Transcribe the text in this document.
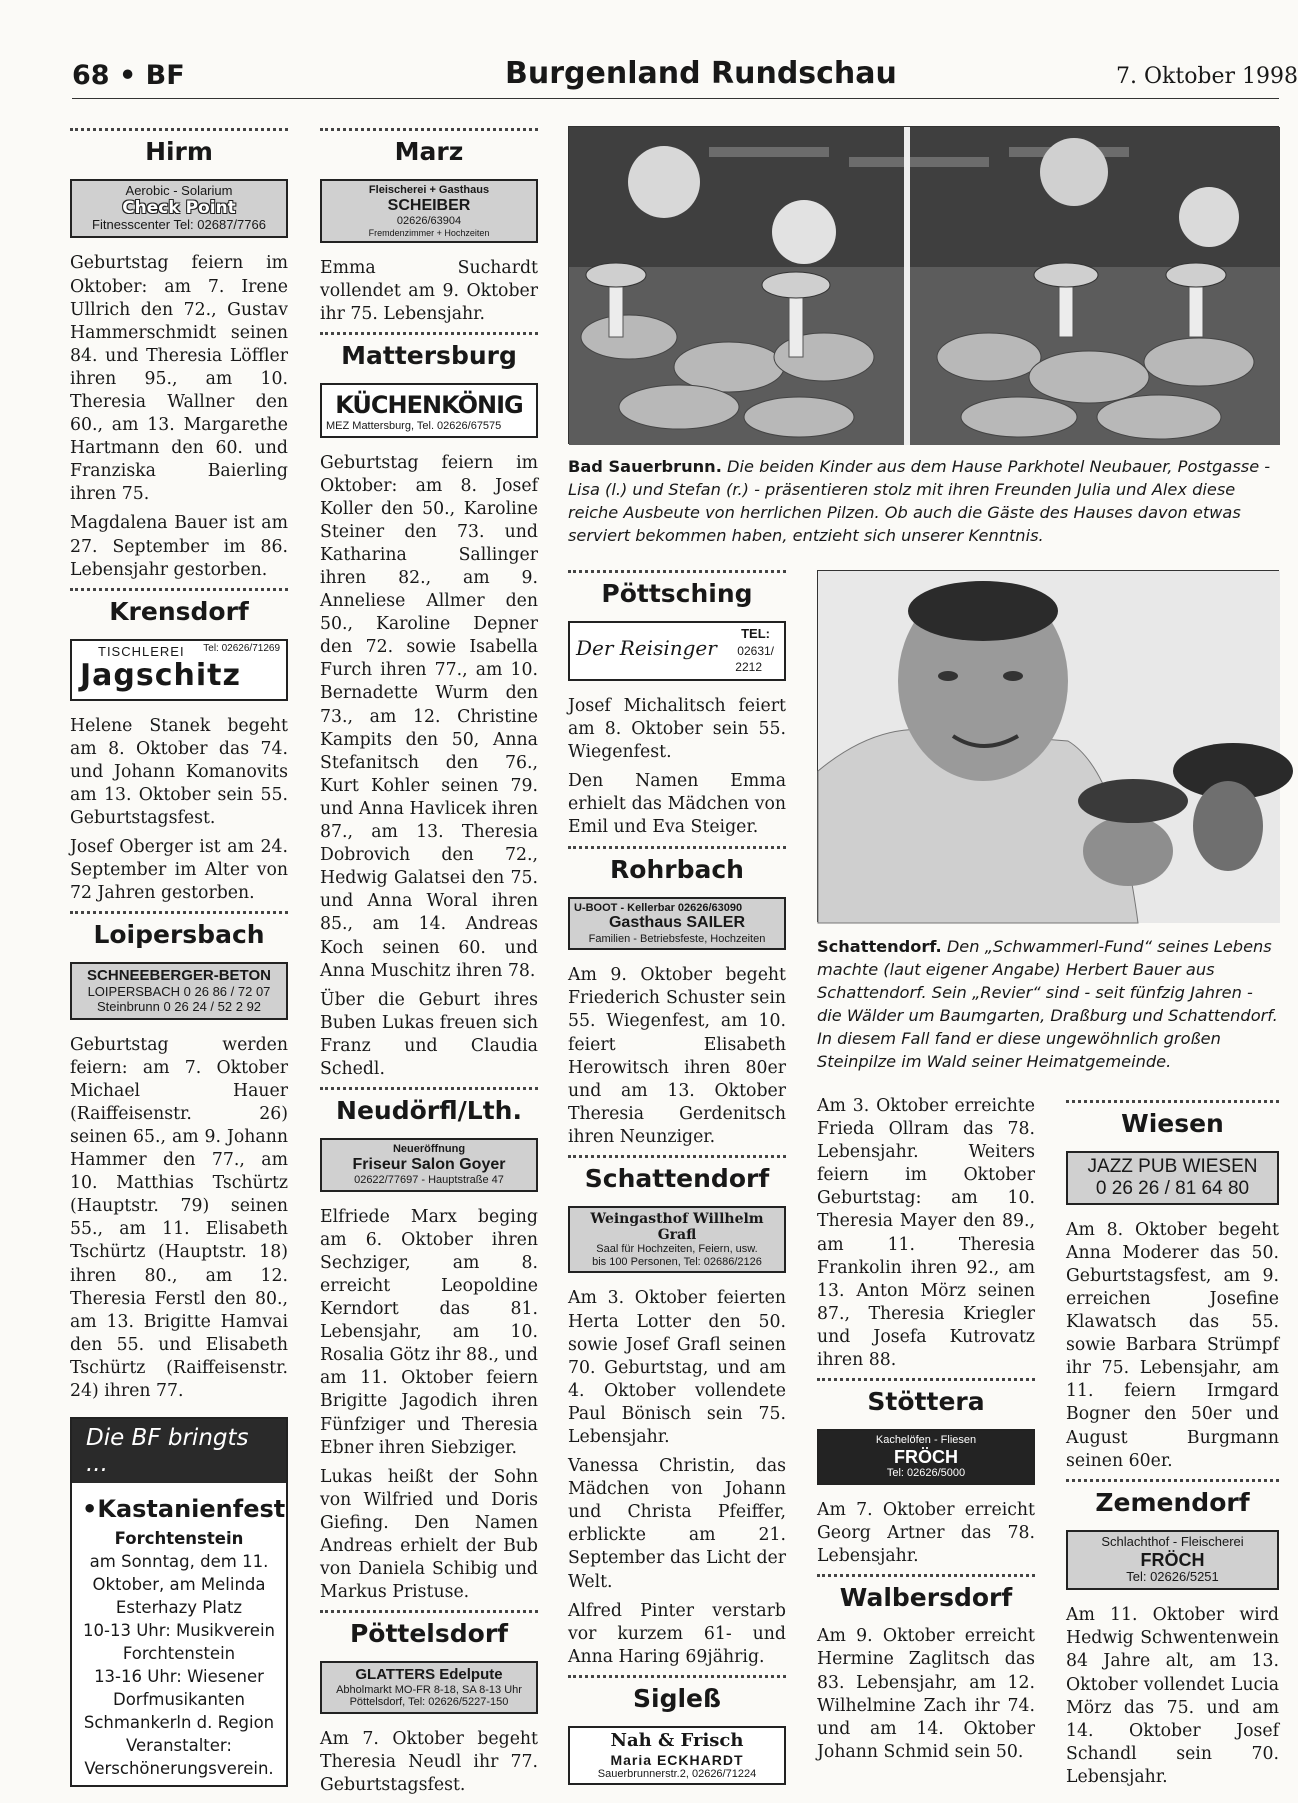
68 • BF	Burgenland Rundschau	7. Oktober 1998
Hirm
Aerobic - Solarium
Check Point
Fitnesscenter Tel: 02687/7766
Geburtstag feiern im Oktober: am 7. Irene Ullrich den 72., Gustav Hammerschmidt seinen 84. und Theresia Löffler ihren 95., am 10. Theresia Wallner den 60., am 13. Margarethe Hartmann den 60. und Franziska Baierling ihren 75.
Magdalena Bauer ist am 27. September im 86. Lebensjahr gestorben.
Krensdorf
TISCHLEREI Tel: 02626/71269
Jagschitz
Helene Stanek begeht am 8. Oktober das 74. und Johann Komanovits am 13. Oktober sein 55. Geburtstagsfest.
Josef Oberger ist am 24. September im Alter von 72 Jahren gestorben.
Loipersbach
SCHNEEBERGER-BETON
LOIPERSBACH 0 26 86 / 72 07
Steinbrunn 0 26 24 / 52 2 92
Geburtstag werden feiern: am 7. Oktober Michael Hauer (Raiffeisenstr. 26) seinen 65., am 9. Johann Hammer den 77., am 10. Matthias Tschürtz (Hauptstr. 79) seinen 55., am 11. Elisabeth Tschürtz (Hauptstr. 18) ihren 80., am 12. Theresia Ferstl den 80., am 13. Brigitte Hamvai den 55. und Elisabeth Tschürtz (Raiffeisenstr. 24) ihren 77.
Die BF bringts ...
•Kastanienfest
Forchtenstein
am Sonntag, dem 11.
Oktober, am Melinda
Esterhazy Platz
10-13 Uhr: Musikverein
Forchtenstein
13-16 Uhr: Wiesener
Dorfmusikanten
Schmankerln d. Region
Veranstalter:
Verschönerungsverein.
Marz
Fleischerei + Gasthaus
SCHEIBER
02626/63904
Fremdenzimmer + Hochzeiten
Emma Suchardt vollendet am 9. Oktober ihr 75. Lebensjahr.
Mattersburg
KÜCHENKÖNIG
MEZ Mattersburg, Tel. 02626/67575
Geburtstag feiern im Oktober: am 8. Josef Koller den 50., Karoline Steiner den 73. und Katharina Sallinger ihren 82., am 9. Anneliese Allmer den 50., Karoline Depner den 72. sowie Isabella Furch ihren 77., am 10. Bernadette Wurm den 73., am 12. Christine Kampits den 50, Anna Stefanitsch den 76., Kurt Kohler seinen 79. und Anna Havlicek ihren 87., am 13. Theresia Dobrovich den 72., Hedwig Galatsei den 75. und Anna Woral ihren 85., am 14. Andreas Koch seinen 60. und Anna Muschitz ihren 78.
Über die Geburt ihres Buben Lukas freuen sich Franz und Claudia Schedl.
Neudörfl/Lth.
Neueröffnung
Friseur Salon Goyer
02622/77697 - Hauptstraße 47
Elfriede Marx beging am 6. Oktober ihren Sechziger, am 8. erreicht Leopoldine Kerndort das 81. Lebensjahr, am 10. Rosalia Götz ihr 88., und am 11. Oktober feiern Brigitte Jagodich ihren Fünfziger und Theresia Ebner ihren Siebziger.
Lukas heißt der Sohn von Wilfried und Doris Giefing. Den Namen Andreas erhielt der Bub von Daniela Schibig und Markus Pristuse.
Pöttelsdorf
GLATTERS Edelpute
Abholmarkt MO-FR 8-18, SA 8-13 Uhr
Pöttelsdorf, Tel: 02626/5227-150
Am 7. Oktober begeht Theresia Neudl ihr 77. Geburtstagsfest.
Bad Sauerbrunn. Die beiden Kinder aus dem Hause Parkhotel Neubauer, Postgasse - Lisa (l.) und Stefan (r.) - präsentieren stolz mit ihren Freunden Julia und Alex diese reiche Ausbeute von herrlichen Pilzen. Ob auch die Gäste des Hauses davon etwas serviert bekommen haben, entzieht sich unserer Kenntnis.
Pöttsching
Der Reisinger
TEL:
02631/
2212
Josef Michalitsch feiert am 8. Oktober sein 55. Wiegenfest.
Den Namen Emma erhielt das Mädchen von Emil und Eva Steiger.
Rohrbach
U-BOOT - Kellerbar 02626/63090
Gasthaus SAILER
Familien - Betriebsfeste, Hochzeiten
Am 9. Oktober begeht Friederich Schuster sein 55. Wiegenfest, am 10. feiert Elisabeth Herowitsch ihren 80er und am 13. Oktober Theresia Gerdenitsch ihren Neunziger.
Schattendorf
Weingasthof Willhelm Grafl
Saal für Hochzeiten, Feiern, usw.
bis 100 Personen, Tel: 02686/2126
Am 3. Oktober feierten Herta Lotter den 50. sowie Josef Grafl seinen 70. Geburtstag, und am 4. Oktober vollendete Paul Bönisch sein 75. Lebensjahr.
Vanessa Christin, das Mädchen von Johann und Christa Pfeiffer, erblickte am 21. September das Licht der Welt.
Alfred Pinter verstarb vor kurzem 61- und Anna Haring 69jährig.
Sigleß
Nah & Frisch
Maria ECKHARDT
Sauerbrunnerstr.2, 02626/71224
Schattendorf. Den „Schwammerl-Fund“ seines Lebens machte (laut eigener Angabe) Herbert Bauer aus Schattendorf. Sein „Revier“ sind - seit fünfzig Jahren - die Wälder um Baumgarten, Draßburg und Schattendorf. In diesem Fall fand er diese ungewöhnlich großen Steinpilze im Wald seiner Heimatgemeinde.
Am 3. Oktober erreichte Frieda Ollram das 78. Lebensjahr. Weiters feiern im Oktober Geburtstag: am 10. Theresia Mayer den 89., am 11. Theresia Frankolin ihren 92., am 13. Anton Mörz seinen 87., Theresia Kriegler und Josefa Kutrovatz ihren 88.
Stöttera
Kachelöfen - Fliesen
FRÖCH
Tel: 02626/5000
Am 7. Oktober erreicht Georg Artner das 78. Lebensjahr.
Walbersdorf
Am 9. Oktober erreicht Hermine Zaglitsch das 83. Lebensjahr, am 12. Wilhelmine Zach ihr 74. und am 14. Oktober Johann Schmid sein 50.
Wiesen
JAZZ PUB WIESEN
0 26 26 / 81 64 80
Am 8. Oktober begeht Anna Moderer das 50. Geburtstagsfest, am 9. erreichen Josefine Klawatsch das 55. sowie Barbara Strümpf ihr 75. Lebensjahr, am 11. feiern Irmgard Bogner den 50er und August Burgmann seinen 60er.
Zemendorf
Schlachthof - Fleischerei
FRÖCH
Tel: 02626/5251
Am 11. Oktober wird Hedwig Schwentenwein 84 Jahre alt, am 13. Oktober vollendet Lucia Mörz das 75. und am 14. Oktober Josef Schandl sein 70. Lebensjahr.
